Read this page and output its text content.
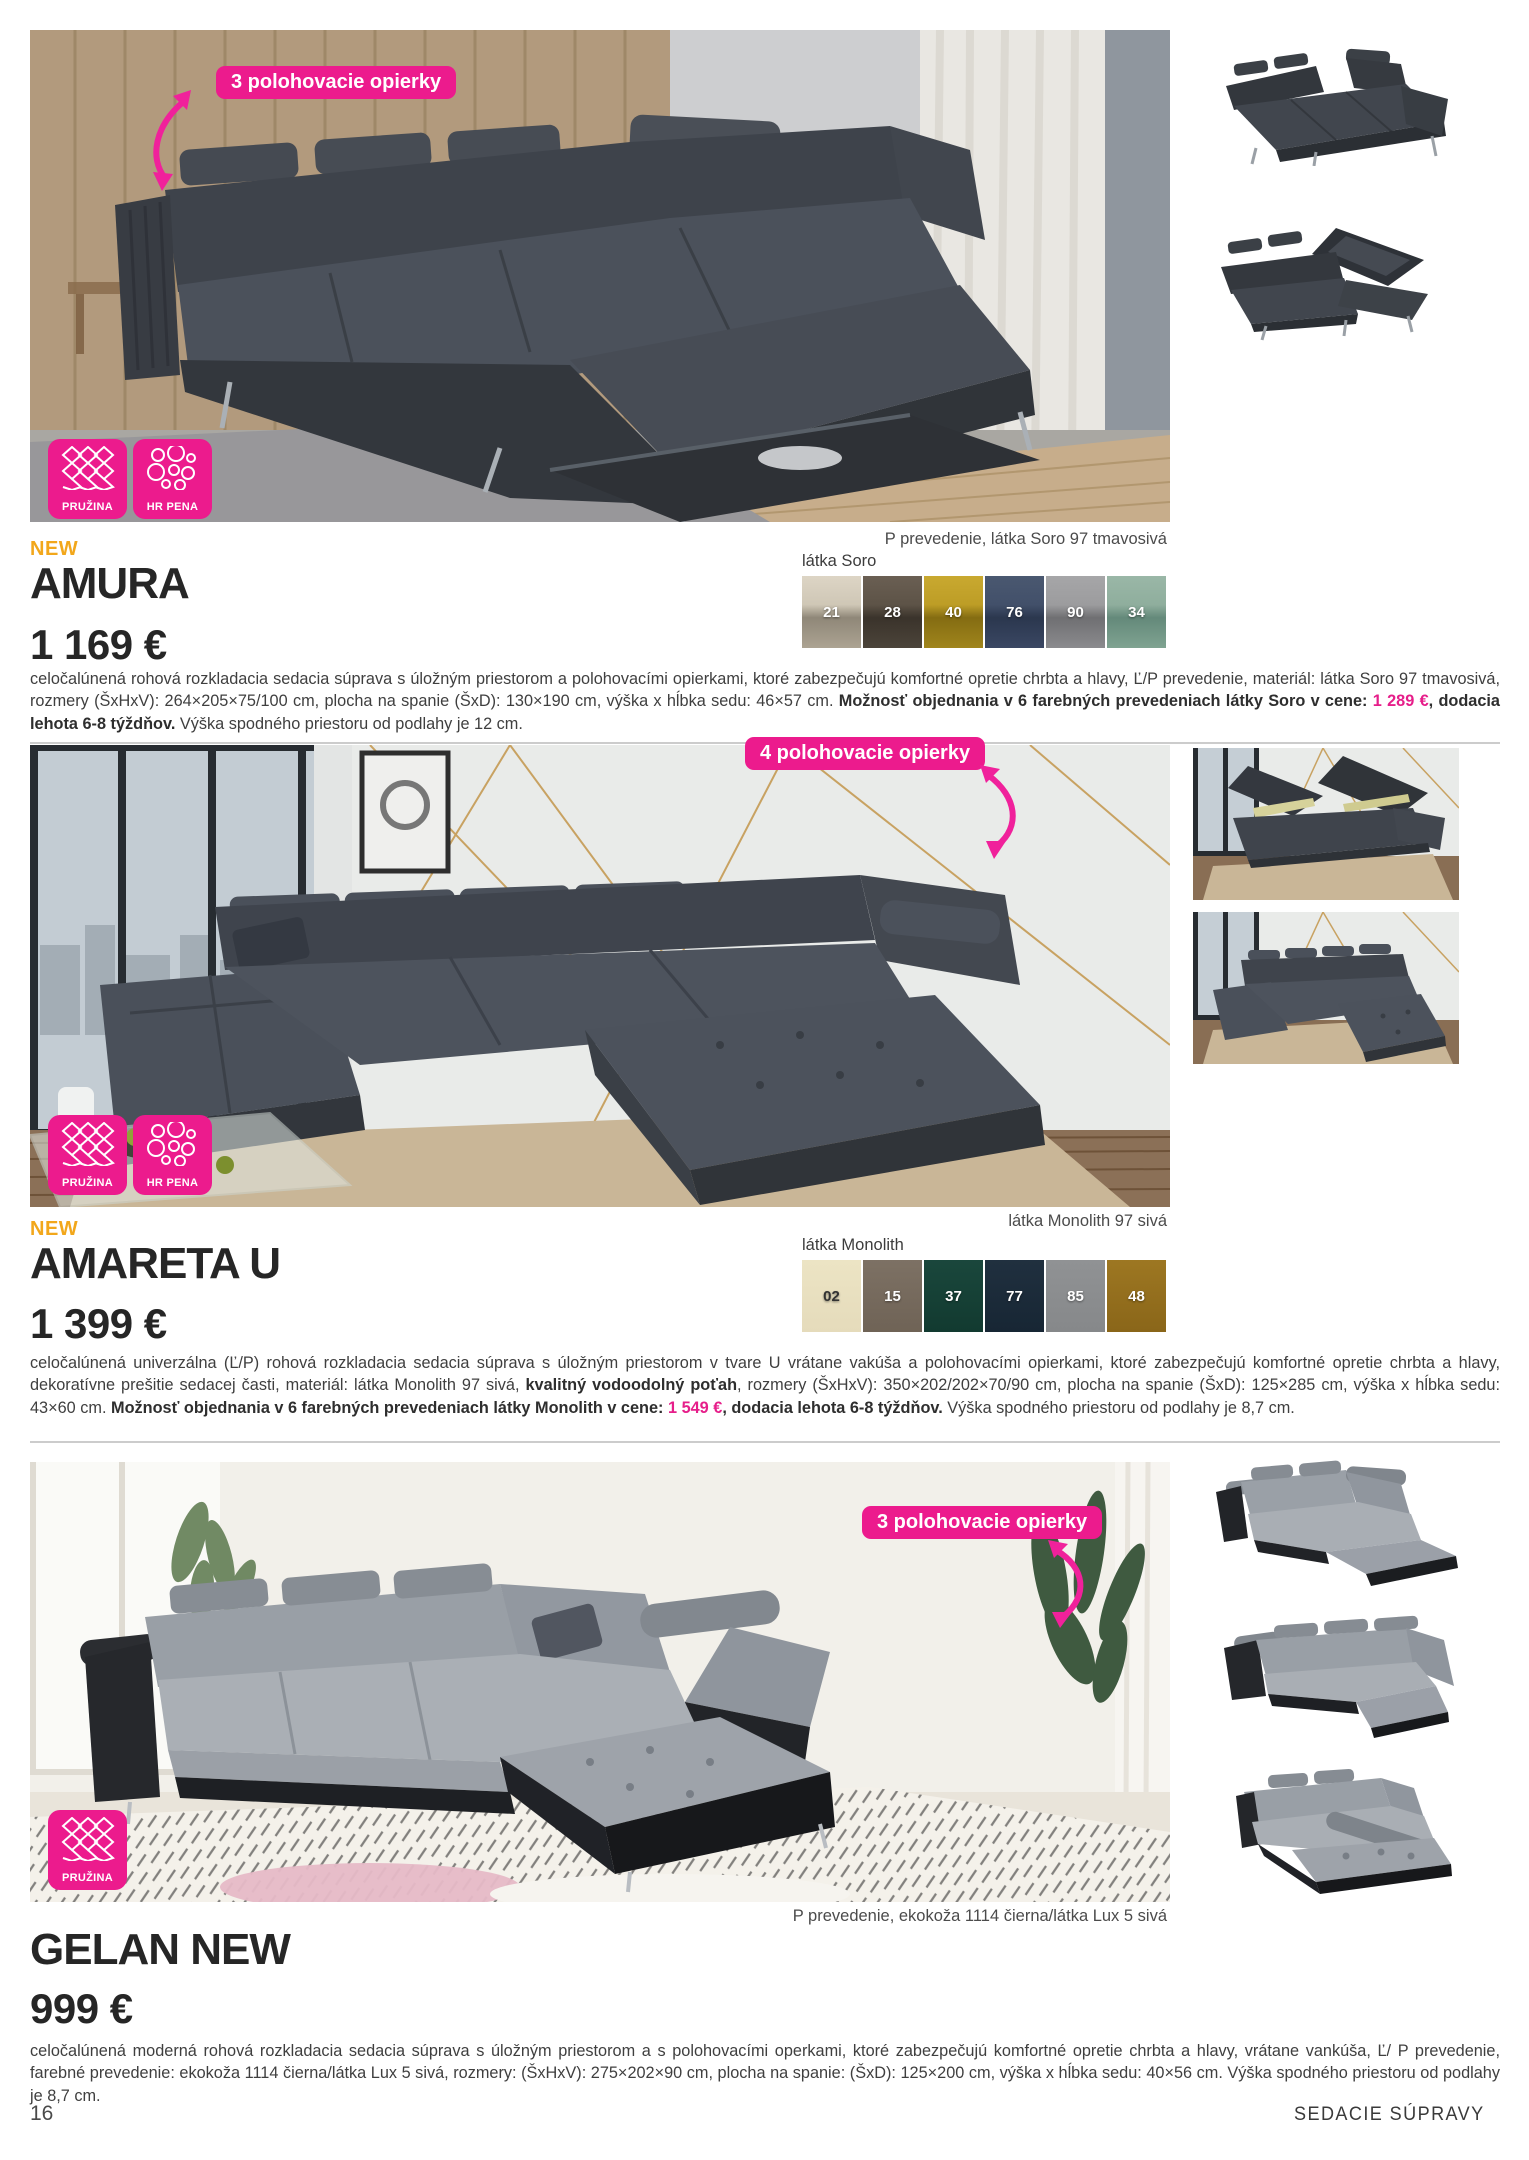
3 polohovacie opierky
PRUŽINA	HR PENA
P prevedenie, látka Soro 97 tmavosivá
látka Soro
21	28	40	76	90	34
NEW
AMURA
1 169 €
celočalúnená rohová rozkladacia sedacia súprava s úložným priestorom a polohovacími opierkami, ktoré zabezpečujú komfortné opretie chrbta a hlavy, Ľ/P prevedenie, materiál: látka Soro 97 tmavosivá, rozmery (ŠxHxV): 264×205×75/100 cm, plocha na spanie (ŠxD): 130×190 cm, výška x hĺbka sedu: 46×57 cm. Možnosť objednania v 6 farebných prevedeniach látky Soro v cene: 1 289 €, dodacia lehota 6-8 týždňov. Výška spodného priestoru od podlahy je 12 cm.
4 polohovacie opierky
PRUŽINA	HR PENA
látka Monolith 97 sivá
látka Monolith
02	15	37	77	85	48
NEW
AMARETA U
1 399 €
celočalúnená univerzálna (Ľ/P) rohová rozkladacia sedacia súprava s úložným priestorom v tvare U vrátane vakúša a polohovacími opierkami, ktoré zabezpečujú komfortné opretie chrbta a hlavy, dekoratívne prešitie sedacej časti, materiál: látka Monolith 97 sivá, kvalitný vodoodolný poťah, rozmery (ŠxHxV): 350×202/202×70/90 cm, plocha na spanie (ŠxD): 125×285 cm, výška x hĺbka sedu: 43×60 cm. Možnosť objednania v 6 farebných prevedeniach látky Monolith v cene: 1 549 €, dodacia lehota 6-8 týždňov. Výška spodného priestoru od podlahy je 8,7 cm.
3 polohovacie opierky
PRUŽINA
P prevedenie, ekokoža 1114 čierna/látka Lux 5 sivá
GELAN NEW
999 €
celočalúnená moderná rohová rozkladacia sedacia súprava s úložným priestorom a s polohovacími operkami, ktoré zabezpečujú komfortné opretie chrbta a hlavy, vrátane vankúša, Ľ/ P prevedenie, farebné prevedenie: ekokoža 1114 čierna/látka Lux 5 sivá, rozmery: (ŠxHxV): 275×202×90 cm, plocha na spanie: (ŠxD): 125×200 cm, výška x hĺbka sedu: 40×56 cm. Výška spodného priestoru od podlahy je 8,7 cm.
16	SEDACIE SÚPRAVY
